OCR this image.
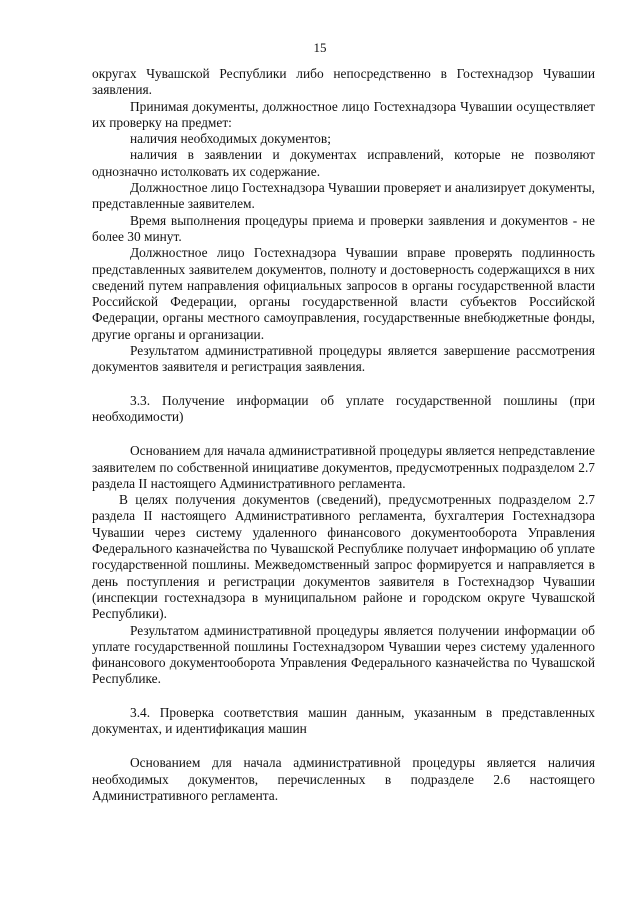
15

округах Чувашской Республики либо непосредственно в Гостехнадзор Чувашии заявления.

Принимая документы, должностное лицо Гостехнадзора Чувашии осуществляет их проверку на предмет:

наличия необходимых документов;

наличия в заявлении и документах исправлений, которые не позволяют однозначно истолковать их содержание.

Должностное лицо Гостехнадзора Чувашии проверяет и анализирует документы, представленные заявителем.

Время выполнения процедуры приема и проверки заявления и документов - не более 30 минут.

Должностное лицо Гостехнадзора Чувашии вправе проверять подлинность представленных заявителем документов, полноту и достоверность содержащихся в них сведений путем направления официальных запросов в органы государственной власти Российской Федерации, органы государственной власти субъектов Российской Федерации, органы местного самоуправления, государственные внебюджетные фонды, другие органы и организации.

Результатом административной процедуры является завершение рассмотрения документов заявителя и регистрация заявления.

3.3. Получение информации об уплате государственной пошлины (при необходимости)

Основанием для начала административной процедуры является непредставление заявителем по собственной инициативе документов, предусмотренных подразделом 2.7 раздела II настоящего Административного регламента.

В целях получения документов (сведений), предусмотренных подразделом 2.7 раздела II настоящего Административного регламента, бухгалтерия Гостехнадзора Чувашии через систему удаленного финансового документооборота Управления Федерального казначейства по Чувашской Республике получает информацию об уплате государственной пошлины. Межведомственный запрос формируется и направляется в день поступления и регистрации документов заявителя в Гостехнадзор Чувашии (инспекции гостехнадзора в муниципальном районе и городском округе Чувашской Республики).

Результатом административной процедуры является получении информации об уплате государственной пошлины Гостехнадзором Чувашии через систему удаленного финансового документооборота Управления Федерального казначейства по Чувашской Республике.

3.4. Проверка соответствия машин данным, указанным в представленных документах, и идентификация машин

Основанием для начала административной процедуры является наличия необходимых документов, перечисленных в подразделе 2.6 настоящего Административного регламента.
